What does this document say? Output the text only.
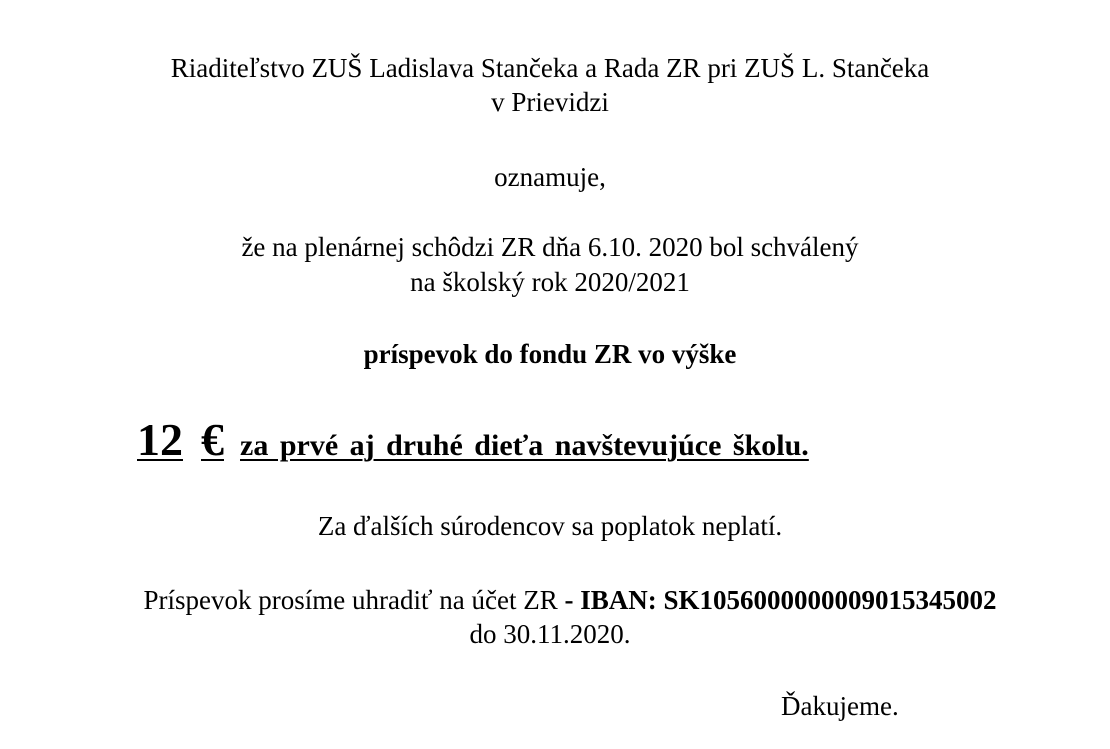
Riaditeľstvo ZUŠ Ladislava Stančeka a Rada ZR pri ZUŠ L. Stančeka
v Prievidzi
oznamuje,
že na plenárnej schôdzi ZR dňa 6.10. 2020 bol schválený
na školský rok 2020/2021
príspevok do fondu ZR vo výške
12 € za prvé aj druhé dieťa navštevujúce školu.
Za ďalších súrodencov sa poplatok neplatí.
Príspevok prosíme uhradiť na účet ZR - IBAN: SK1056000000009015345002
do 30.11.2020.
Ďakujeme.
